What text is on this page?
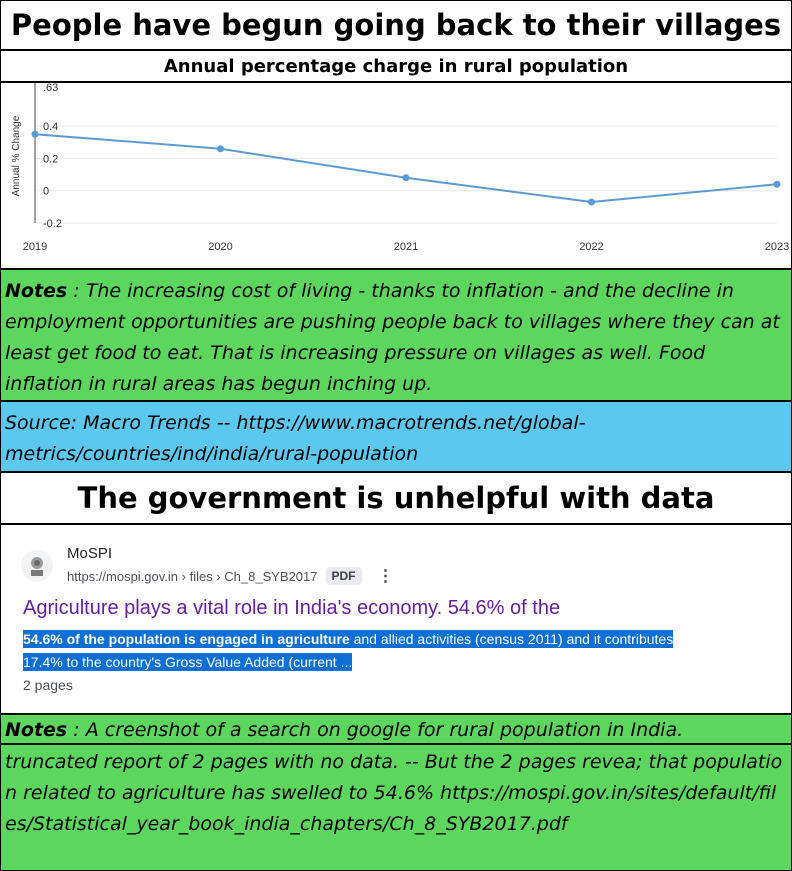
People have begun going back to their villages
Annual percentage charge in rural population
0.4
0.2
0
-0.2
.63
Annual % Change
2019	2020	2021	2022	2023
Notes : The increasing cost of living - thanks to inflation - and the decline in employment opportunities are pushing people back to villages where they can at least get food to eat. That is increasing pressure on villages as well. Food inflation in rural areas has begun inching up.
Source: Macro Trends -- https://www.macrotrends.net/global-metrics/countries/ind/india/rural-population
The government is unhelpful with data
MoSPI
https://mospi.gov.in › files › Ch_8_SYB2017	PDF	⋮
Agriculture plays a vital role in India's economy. 54.6% of the
54.6% of the population is engaged in agriculture and allied activities (census 2011) and it contributes
17.4% to the country's Gross Value Added (current ...
2 pages
Notes : A creenshot of a search on google for rural population in India.
truncated report of 2 pages with no data. -- But the 2 pages revea; that population related to agriculture has swelled to 54.6% https://mospi.gov.in/sites/default/files/Statistical_year_book_india_chapters/Ch_8_SYB2017.pdf
